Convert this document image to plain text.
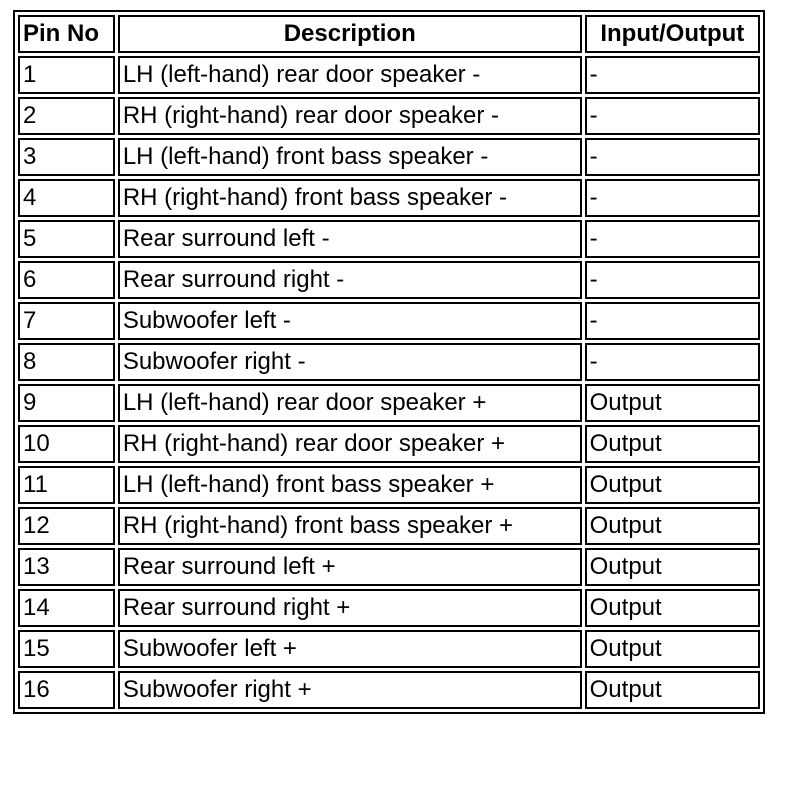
Pin No	Description	Input/Output
1	LH (left-hand) rear door speaker -	-
2	RH (right-hand) rear door speaker -	-
3	LH (left-hand) front bass speaker -	-
4	RH (right-hand) front bass speaker -	-
5	Rear surround left -	-
6	Rear surround right -	-
7	Subwoofer left -	-
8	Subwoofer right -	-
9	LH (left-hand) rear door speaker +	Output
10	RH (right-hand) rear door speaker +	Output
11	LH (left-hand) front bass speaker +	Output
12	RH (right-hand) front bass speaker +	Output
13	Rear surround left +	Output
14	Rear surround right +	Output
15	Subwoofer left +	Output
16	Subwoofer right +	Output
